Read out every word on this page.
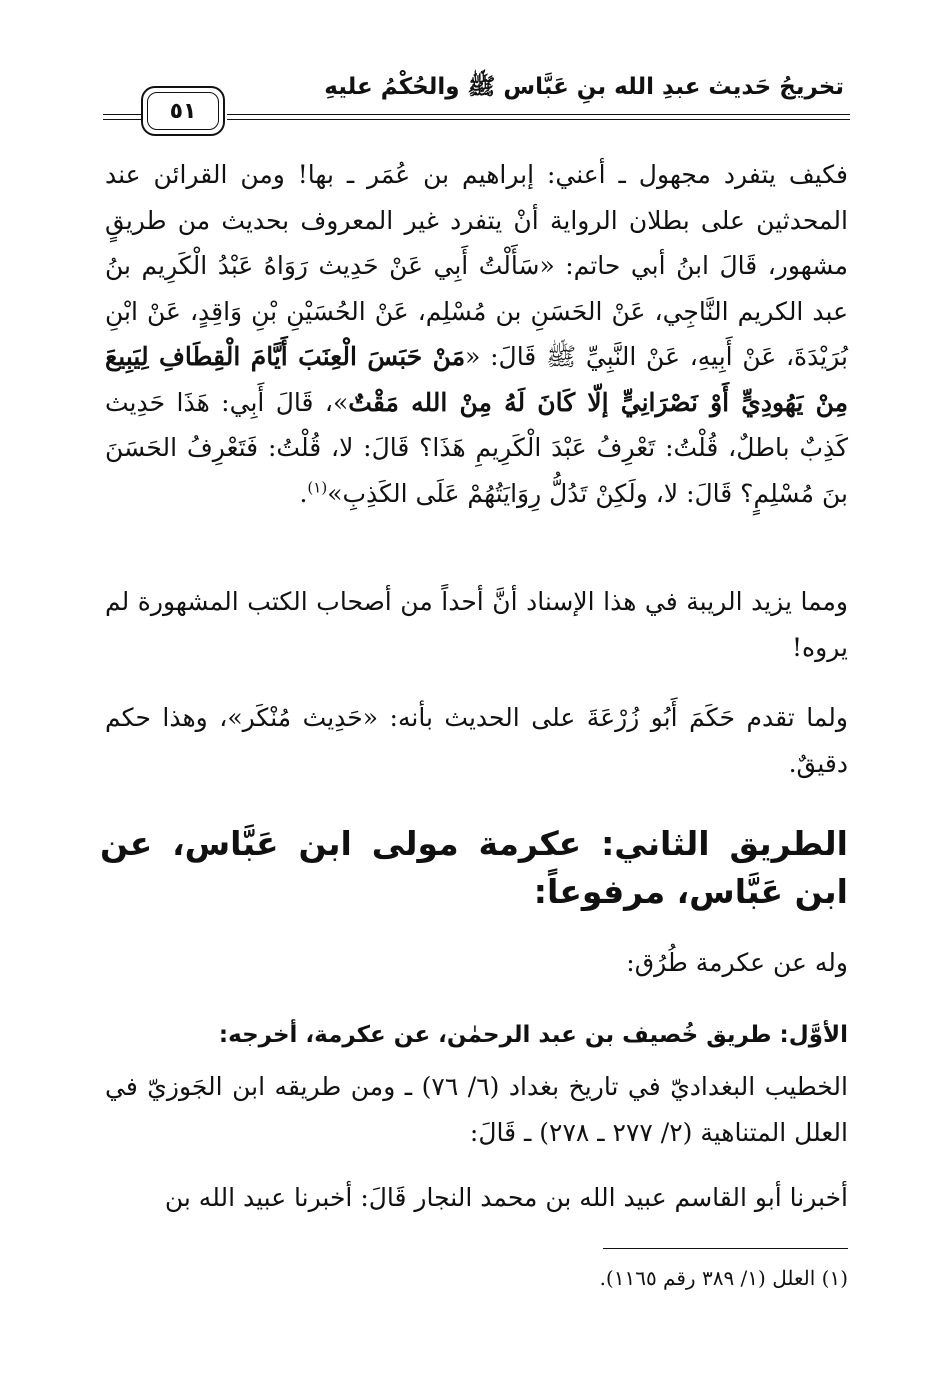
تخريجُ حَديث عبدِ الله بنِ عَبَّاس ﷺ والحُكْمُ عليهِ
٥١

فكيف يتفرد مجهول ـ أعني: إبراهيم بن عُمَر ـ بها! ومن القرائن عند المحدثين على بطلان الرواية أنْ يتفرد غير المعروف بحديث من طريقٍ مشهور، قَالَ ابنُ أبي حاتم: «سَأَلْتُ أَبِي عَنْ حَدِيث رَوَاهُ عَبْدُ الْكَرِيم بنُ عبد الكريم النَّاجِي، عَنْ الحَسَنِ بن مُسْلِم، عَنْ الحُسَيْنِ بْنِ وَاقِدٍ، عَنْ ابْنِ بُرَيْدَةَ، عَنْ أَبِيهِ، عَنْ النَّبِيِّ ﷺ قَالَ: «مَنْ حَبَسَ الْعِنَبَ أَيَّامَ الْقِطَافِ لِيَبِيعَ مِنْ يَهُودِيٍّ أَوْ نَصْرَانِيٍّ إلّا كَانَ لَهُ مِنْ الله مَقْتٌ»، قَالَ أَبِي: هَذَا حَدِيث كَذِبٌ باطلٌ، قُلْتُ: تَعْرِفُ عَبْدَ الْكَرِيمِ هَذَا؟ قَالَ: لا، قُلْتُ: فَتَعْرِفُ الحَسَنَ بنَ مُسْلِمٍ؟ قَالَ: لا، ولَكِنْ تَدُلُّ رِوَايَتُهُمْ عَلَى الكَذِبِ»$^{(١)}$.

ومما يزيد الريبة في هذا الإسناد أنَّ أحداً من أصحاب الكتب المشهورة لم يروه!

ولما تقدم حَكَمَ أَبُو زُرْعَةَ على الحديث بأنه: «حَدِيث مُنْكَر»، وهذا حكم دقيقٌ.

الطريق الثاني: عكرمة مولى ابن عَبَّاس، عن ابن عَبَّاس، مرفوعاً:

وله عن عكرمة طُرُق:

الأوَّل: طريق خُصيف بن عبد الرحمٰن، عن عكرمة، أخرجه:

الخطيب البغداديّ في تاريخ بغداد (٦/ ٧٦) ـ ومن طريقه ابن الجَوزيّ في العلل المتناهية (٢/ ٢٧٧ ـ ٢٧٨) ـ قَالَ:

أخبرنا أبو القاسم عبيد الله بن محمد النجار قَالَ: أخبرنا عبيد الله بن

(١) العلل (١/ ٣٨٩ رقم ١١٦٥).
